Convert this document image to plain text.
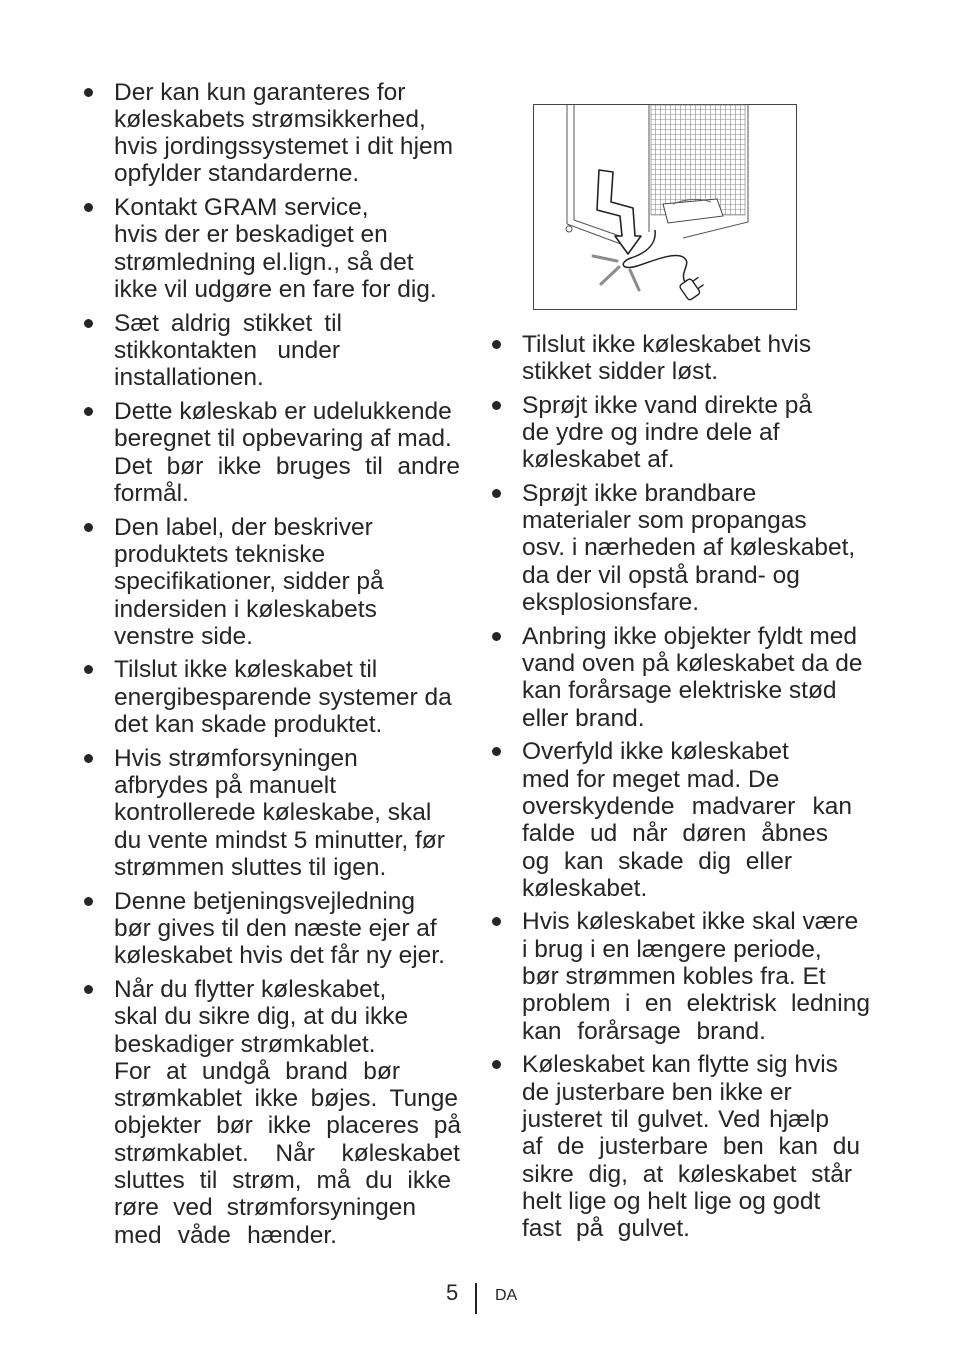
Der kan kun garanteres for
køleskabets strømsikkerhed,
hvis jordingssystemet i dit hjem
opfylder standarderne.
Kontakt GRAM service,
hvis der er beskadiget en
strømledning el.lign., så det
ikke vil udgøre en fare for dig.
Sæt aldrig stikket til
stikkontakten under
installationen.
Dette køleskab er udelukkende
beregnet til opbevaring af mad.
Det bør ikke bruges til andre
formål.
Den label, der beskriver
produktets tekniske
specifikationer, sidder på
indersiden i køleskabets
venstre side.
Tilslut ikke køleskabet til
energibesparende systemer da
det kan skade produktet.
Hvis strømforsyningen
afbrydes på manuelt
kontrollerede køleskabe, skal
du vente mindst 5 minutter, før
strømmen sluttes til igen.
Denne betjeningsvejledning
bør gives til den næste ejer af
køleskabet hvis det får ny ejer.
Når du flytter køleskabet,
skal du sikre dig, at du ikke
beskadiger strømkablet.
For at undgå brand bør
strømkablet ikke bøjes. Tunge
objekter bør ikke placeres på
strømkablet. Når køleskabet
sluttes til strøm, må du ikke
røre ved strømforsyningen
med våde hænder.
Tilslut ikke køleskabet hvis
stikket sidder løst.
Sprøjt ikke vand direkte på
de ydre og indre dele af
køleskabet af.
Sprøjt ikke brandbare
materialer som propangas
osv. i nærheden af køleskabet,
da der vil opstå brand- og
eksplosionsfare.
Anbring ikke objekter fyldt med
vand oven på køleskabet da de
kan forårsage elektriske stød
eller brand.
Overfyld ikke køleskabet
med for meget mad. De
overskydende madvarer kan
falde ud når døren åbnes
og kan skade dig eller
køleskabet.
Hvis køleskabet ikke skal være
i brug i en længere periode,
bør strømmen kobles fra. Et
problem i en elektrisk ledning
kan forårsage brand.
Køleskabet kan flytte sig hvis
de justerbare ben ikke er
justeret til gulvet. Ved hjælp
af de justerbare ben kan du
sikre dig, at køleskabet står
helt lige og helt lige og godt
fast på gulvet.
5 DA
